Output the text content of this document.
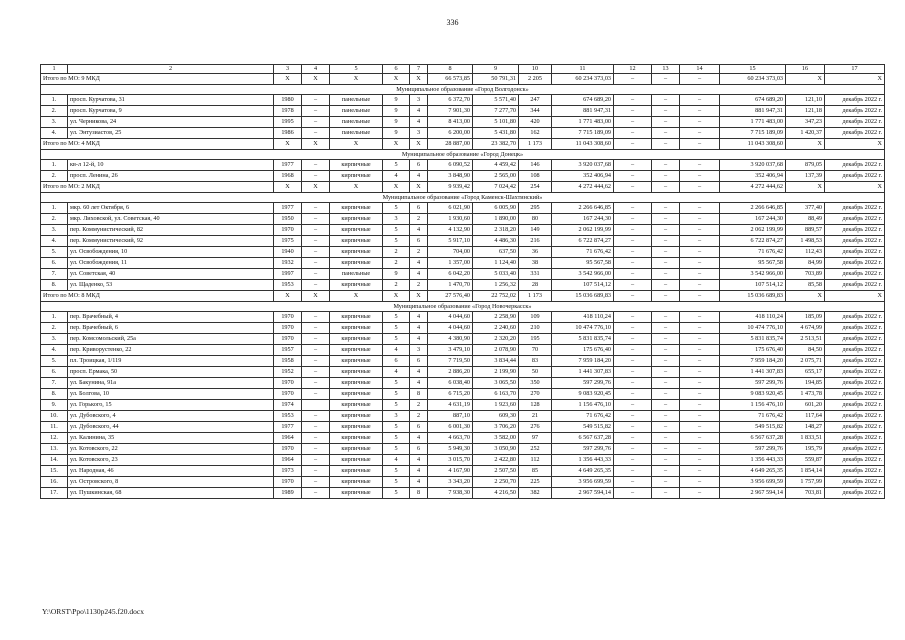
336
1	2	3	4	5	6	7	8	9	10	11	12	13	14	15	16	17
Итого по МО: 9 МКД		X	X	X	X	X	66 573,85	50 791,31	2 205	60 234 373,03	–	–	–	60 234 373,03	X	X
Муниципальное образование «Город Волгодонск»																
1.	просп. Курчатова, 31	1980	–	панельные	9	3	6 372,70	5 571,40	247	674 689,20	–	–	–	674 689,20	121,10	декабрь 2022 г.
2.	просп. Курчатова, 9	1978	–	панельные	9	4	7 901,30	7 277,70	344	881 947,31	–	–	–	881 947,31	121,18	декабрь 2022 г.
3.	ул. Черникова, 24	1995	–	панельные	9	4	8 413,00	5 101,80	420	1 771 483,00	–	–	–	1 771 483,00	347,23	декабрь 2022 г.
4.	ул. Энтузиастов, 25	1986	–	панельные	9	3	6 200,00	5 431,80	162	7 715 189,09	–	–	–	7 715 189,09	1 420,37	декабрь 2022 г.
Итого по МО: 4 МКД		X	X	X	X	X	28 887,00	23 382,70	1 173	11 043 308,60	–	–	–	11 043 308,60	X	X
Муниципальное образование «Город Донецк»																
1.	кв-л 12-й, 10	1977	–	кирпичные	5	6	6 090,52	4 459,42	146	3 920 037,68	–	–	–	3 920 037,68	879,05	декабрь 2022 г.
2.	просп. Ленина, 26	1968	–	кирпичные	4	4	3 848,90	2 565,00	108	352 406,94	–	–	–	352 406,94	137,39	декабрь 2022 г.
Итого по МО: 2 МКД		X	X	X	X	X	9 939,42	7 024,42	254	4 272 444,62	–	–	–	4 272 444,62	X	X
Муниципальное образование «Город Каменск-Шахтинский»																
1.	мкр. 60 лет Октября, 6	1977	–	кирпичные	5	6	6 021,90	6 005,90	295	2 266 646,85	–	–	–	2 266 646,85	377,40	декабрь 2022 г.
2.	мкр. Лиховской, ул. Советская, 40	1950	–	кирпичные	3	2	1 930,60	1 890,00	80	167 244,30	–	–	–	167 244,30	88,49	декабрь 2022 г.
3.	пер. Коммунистический, 82	1970	–	кирпичные	5	4	4 132,90	2 318,20	149	2 062 199,99	–	–	–	2 062 199,99	889,57	декабрь 2022 г.
4.	пер. Коммунистический, 92	1975	–	кирпичные	5	6	5 917,10	4 486,30	216	6 722 874,27	–	–	–	6 722 874,27	1 498,53	декабрь 2022 г.
5.	ул. Освобождения, 10	1940	–	кирпичные	2	2	704,00	637,50	36	71 676,42	–	–	–	71 676,42	112,43	декабрь 2022 г.
6.	ул. Освобождения, 11	1932	–	кирпичные	2	4	1 357,00	1 124,40	38	95 567,58	–	–	–	95 567,58	84,99	декабрь 2022 г.
7.	ул. Советская, 40	1997	–	панельные	9	4	6 042,20	5 033,40	331	3 542 966,00	–	–	–	3 542 966,00	703,89	декабрь 2022 г.
8.	ул. Щаденко, 53	1953	–	кирпичные	2	2	1 470,70	1 256,32	28	107 514,12	–	–	–	107 514,12	85,58	декабрь 2022 г.
Итого по МО: 8 МКД		X	X	X	X	X	27 576,40	22 752,02	1 173	15 036 689,83	–	–	–	15 036 689,83	X	X
Муниципальное образование «Город Новочеркасск»																
1.	пер. Врачебный, 4	1970	–	кирпичные	5	4	4 044,60	2 258,90	109	418 110,24	–	–	–	418 110,24	185,09	декабрь 2022 г.
2.	пер. Врачебный, 6	1970	–	кирпичные	5	4	4 044,60	2 240,60	210	10 474 776,10	–	–	–	10 474 776,10	4 674,99	декабрь 2022 г.
3.	пер. Комсомольский, 25а	1970	–	кирпичные	5	4	4 380,90	2 320,20	195	5 831 835,74	–	–	–	5 831 835,74	2 513,51	декабрь 2022 г.
4.	пер. Криворустенко, 22	1957	–	кирпичные	4	3	3 479,10	2 078,90	70	175 676,40	–	–	–	175 676,40	84,50	декабрь 2022 г.
5.	пл. Троицкая, 1/119	1958	–	кирпичные	6	6	7 719,50	3 834,44	83	7 959 184,20	–	–	–	7 959 184,20	2 075,71	декабрь 2022 г.
6.	просп. Ермака, 50	1952	–	кирпичные	4	4	2 886,20	2 199,90	50	1 441 307,83	–	–	–	1 441 307,83	655,17	декабрь 2022 г.
7.	ул. Бакунина, 91а	1970	–	кирпичные	5	4	6 038,40	3 065,50	350	597 299,76	–	–	–	597 299,76	194,85	декабрь 2022 г.
8.	ул. Болгова, 10	1970	–	кирпичные	5	8	6 715,20	6 163,70	270	9 083 920,45	–	–	–	9 083 920,45	1 473,78	декабрь 2022 г.
9.	ул. Горького, 15	1974		кирпичные	5	2	4 631,19	1 923,60	128	1 156 476,10	–	–	–	1 156 476,10	601,20	декабрь 2022 г.
10.	ул. Дубовского, 4	1953	–	кирпичные	3	2	887,10	609,30	21	71 676,42	–	–	–	71 676,42	117,64	декабрь 2022 г.
11.	ул. Дубовского, 44	1977	–	кирпичные	5	6	6 001,30	3 706,20	276	549 515,82	–	–	–	549 515,82	148,27	декабрь 2022 г.
12.	ул. Калинина, 35	1964	–	кирпичные	5	4	4 663,70	3 582,00	97	6 567 637,28	–	–	–	6 567 637,28	1 833,51	декабрь 2022 г.
13.	ул. Котовского, 22	1970	–	кирпичные	5	6	5 949,30	3 050,90	252	597 299,76	–	–	–	597 299,76	195,79	декабрь 2022 г.
14.	ул. Котовского, 23	1964	–	кирпичные	4	4	3 015,70	2 422,80	112	1 356 443,33	–	–	–	1 356 443,33	559,87	декабрь 2022 г.
15.	ул. Народная, 46	1973	–	кирпичные	5	4	4 167,90	2 507,50	85	4 649 265,35	–	–	–	4 649 265,35	1 854,14	декабрь 2022 г.
16.	ул. Островского, 8	1970	–	кирпичные	5	4	3 343,20	2 250,70	225	3 956 699,59	–	–	–	3 956 699,59	1 757,99	декабрь 2022 г.
17.	ул. Пушкинская, 68	1989	–	кирпичные	5	8	7 938,30	4 216,50	382	2 967 594,14	–	–	–	2 967 594,14	703,81	декабрь 2022 г.
Y:\ORST\Ppo\1130p245.f20.docx
